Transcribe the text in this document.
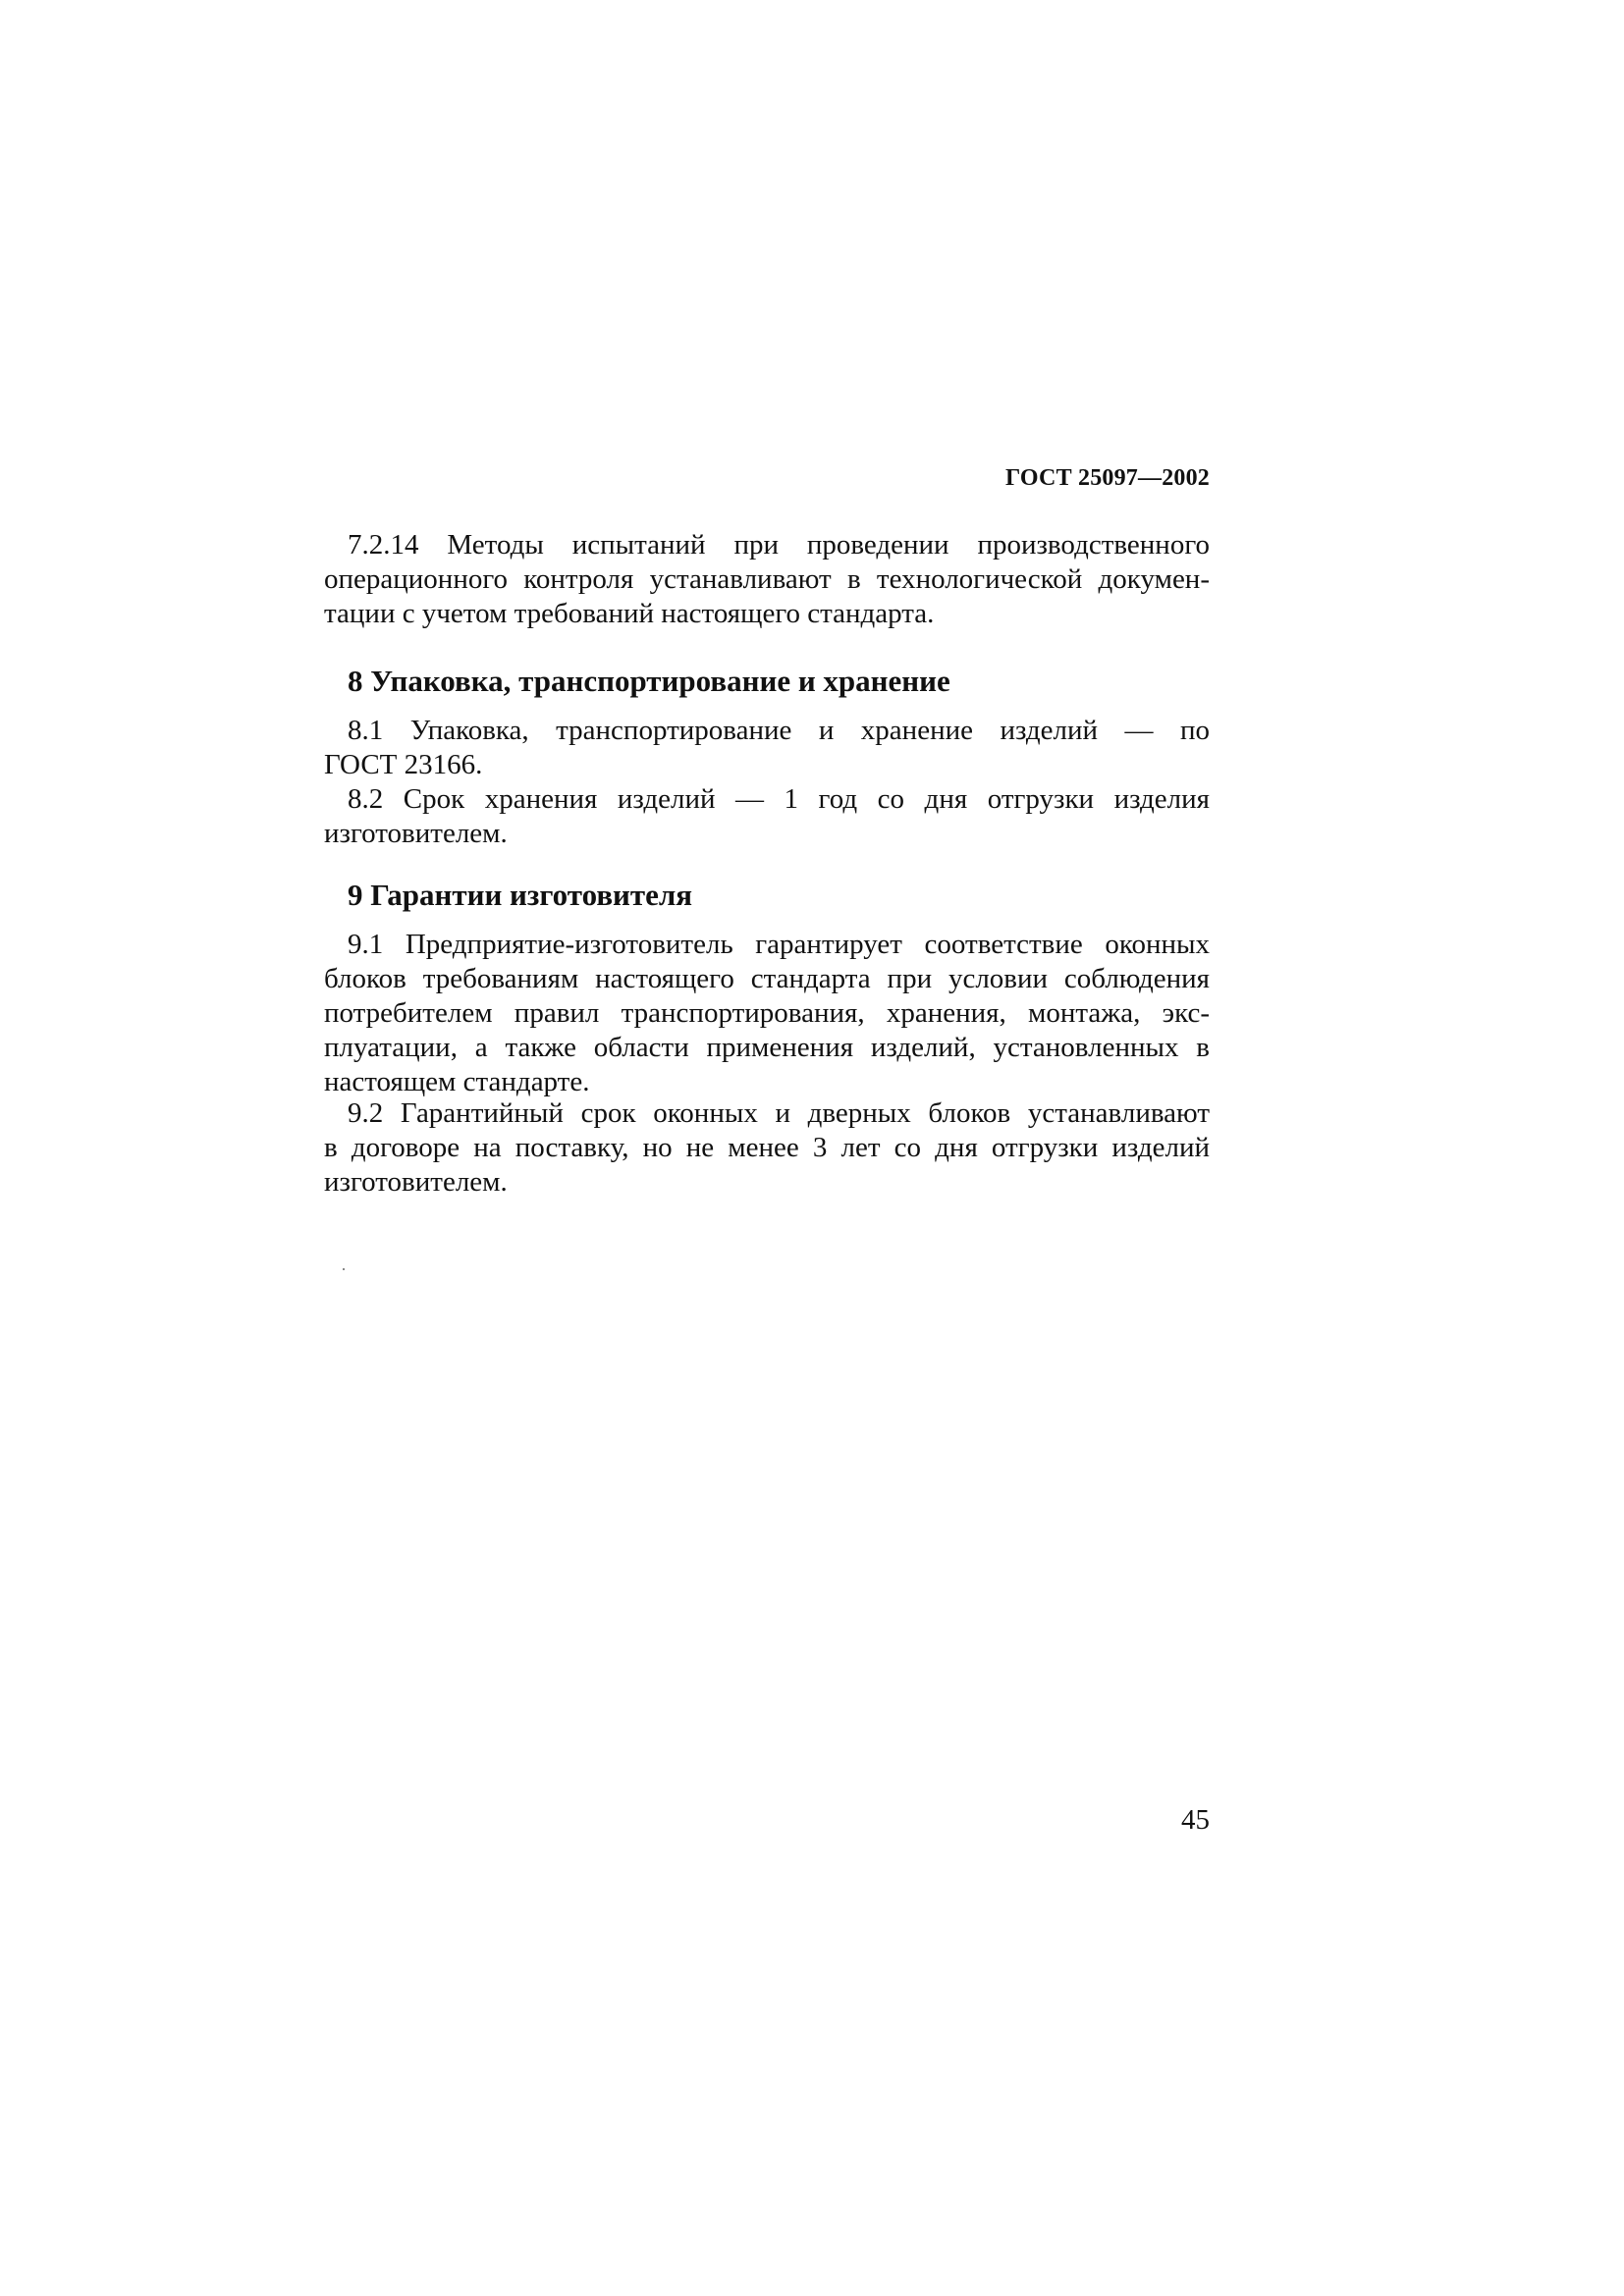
ГОСТ 25097—2002
7.2.14 Методы испытаний при проведении производственного
операционного контроля устанавливают в технологической докумен-
тации с учетом требований настоящего стандарта.
8 Упаковка, транспортирование и хранение
8.1 Упаковка, транспортирование и хранение изделий — по
ГОСТ 23166.
8.2 Срок хранения изделий — 1 год со дня отгрузки изделия
изготовителем.
9 Гарантии изготовителя
9.1 Предприятие-изготовитель гарантирует соответствие оконных
блоков требованиям настоящего стандарта при условии соблюдения
потребителем правил транспортирования, хранения, монтажа, экс-
плуатации, а также области применения изделий, установленных в
настоящем стандарте.
9.2 Гарантийный срок оконных и дверных блоков устанавливают
в договоре на поставку, но не менее 3 лет со дня отгрузки изделий
изготовителем.
45
